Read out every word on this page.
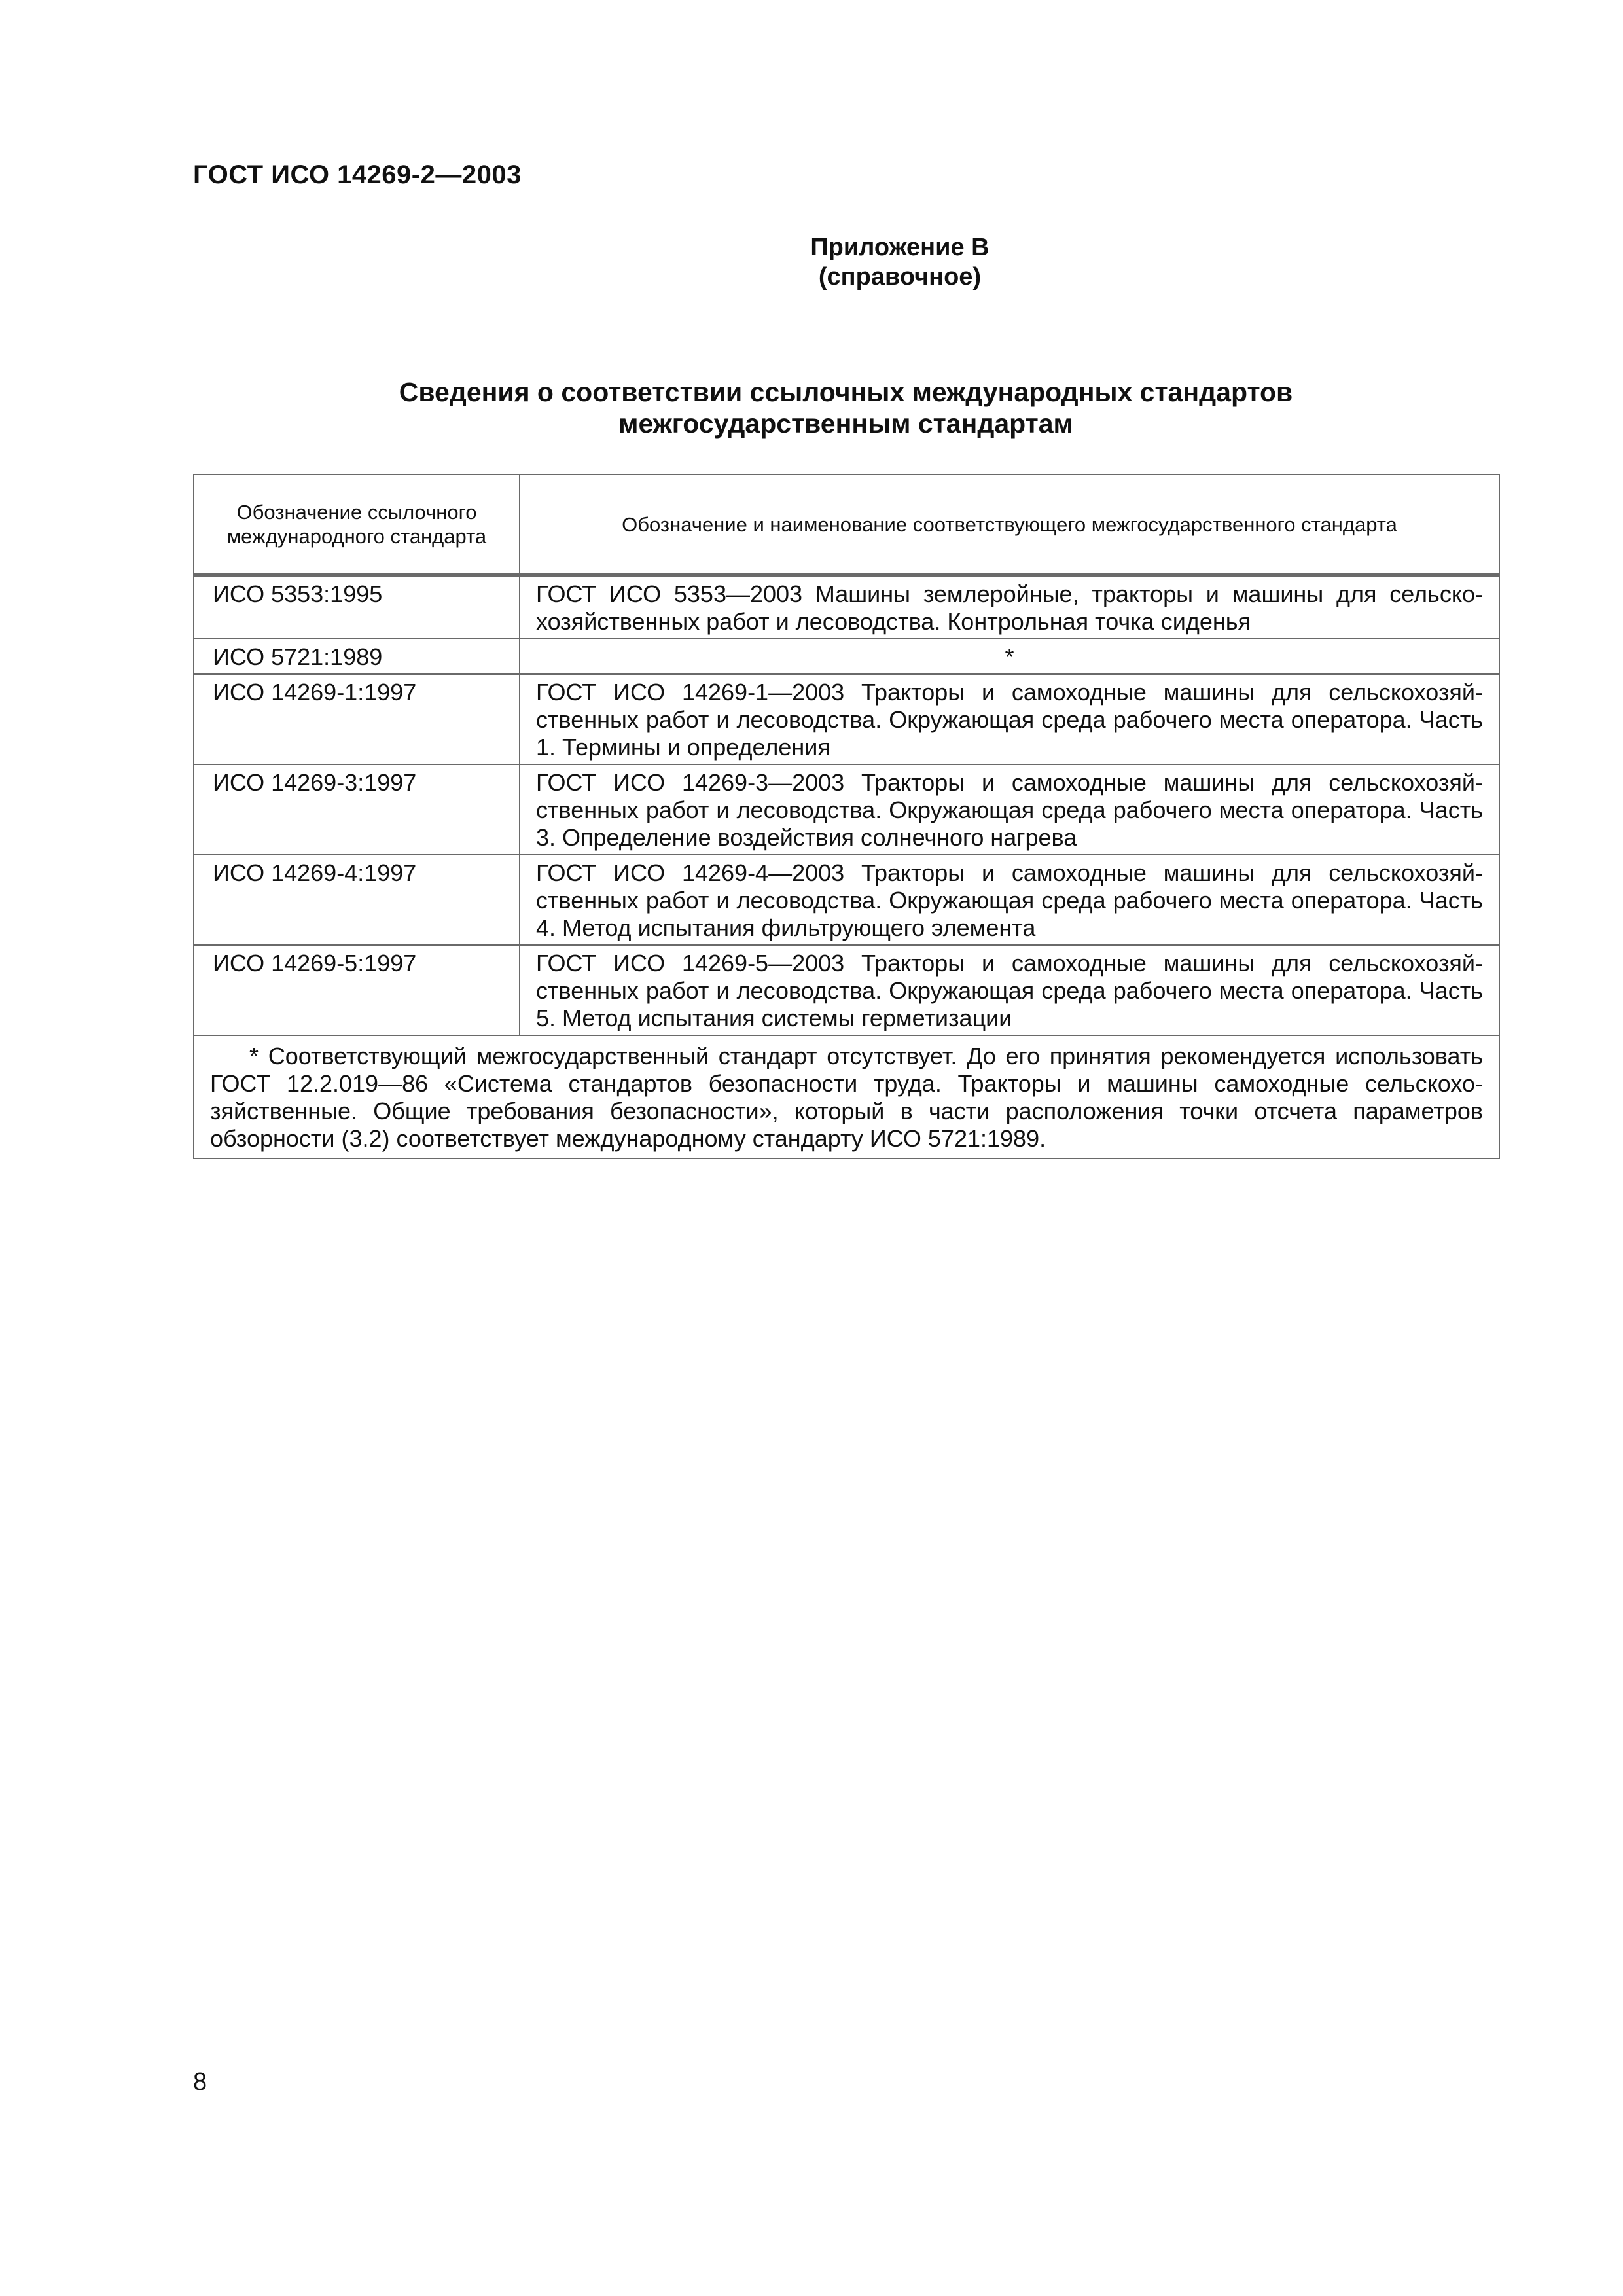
ГОСТ ИСО 14269-2—2003
Приложение В
(справочное)
Сведения о соответствии ссылочных международных стандартов
межгосударственным стандартам
Обозначение ссылочного международного стандарта	Обозначение и наименование соответствующего межгосударственного стандарта
ИСО 5353:1995	ГОСТ ИСО 5353—2003 Машины землеройные, тракторы и машины для сельскохозяйственных работ и лесоводства. Контрольная точка сиденья
ИСО 5721:1989	*
ИСО 14269-1:1997	ГОСТ ИСО 14269-1—2003 Тракторы и самоходные машины для сельскохозяйственных работ и лесоводства. Окружающая среда рабочего места оператора. Часть 1. Термины и определения
ИСО 14269-3:1997	ГОСТ ИСО 14269-3—2003 Тракторы и самоходные машины для сельскохозяйственных работ и лесоводства. Окружающая среда рабочего места оператора. Часть 3. Определение воздействия солнечного нагрева
ИСО 14269-4:1997	ГОСТ ИСО 14269-4—2003 Тракторы и самоходные машины для сельскохозяйственных работ и лесоводства. Окружающая среда рабочего места оператора. Часть 4. Метод испытания фильтрующего элемента
ИСО 14269-5:1997	ГОСТ ИСО 14269-5—2003 Тракторы и самоходные машины для сельскохозяйственных работ и лесоводства. Окружающая среда рабочего места оператора. Часть 5. Метод испытания системы герметизации
* Соответствующий межгосударственный стандарт отсутствует. До его принятия рекомендуется использовать ГОСТ 12.2.019—86 «Система стандартов безопасности труда. Тракторы и машины самоходные сельскохозяйственные. Общие требования безопасности», который в части расположения точки отсчета параметров обзорности (3.2) соответствует международному стандарту ИСО 5721:1989.	
8
